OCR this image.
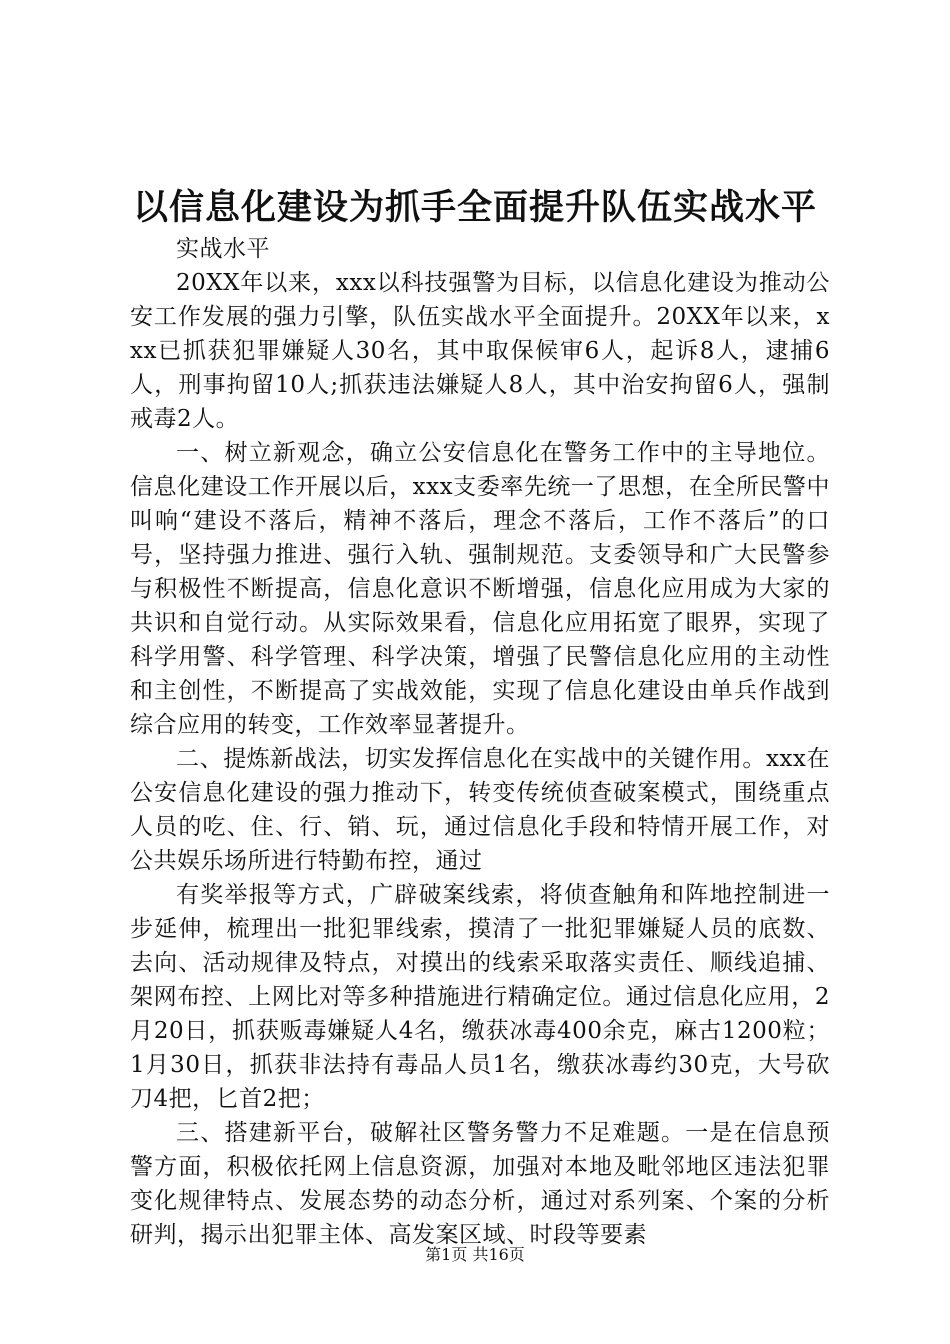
以信息化建设为抓手全面提升队伍实战水平

实战水平

20XX年以来，xxx以科技强警为目标，以信息化建设为推动公安工作发展的强力引擎，队伍实战水平全面提升。20XX年以来，xxx已抓获犯罪嫌疑人30名，其中取保候审6人，起诉8人，逮捕6人，刑事拘留10人;抓获违法嫌疑人8人，其中治安拘留6人，强制戒毒2人。

一、树立新观念，确立公安信息化在警务工作中的主导地位。信息化建设工作开展以后，xxx支委率先统一了思想，在全所民警中叫响“建设不落后，精神不落后，理念不落后，工作不落后”的口号，坚持强力推进、强行入轨、强制规范。支委领导和广大民警参与积极性不断提高，信息化意识不断增强，信息化应用成为大家的共识和自觉行动。从实际效果看，信息化应用拓宽了眼界，实现了科学用警、科学管理、科学决策，增强了民警信息化应用的主动性和主创性，不断提高了实战效能，实现了信息化建设由单兵作战到综合应用的转变，工作效率显著提升。

二、提炼新战法，切实发挥信息化在实战中的关键作用。xxx在公安信息化建设的强力推动下，转变传统侦查破案模式，围绕重点人员的吃、住、行、销、玩，通过信息化手段和特情开展工作，对公共娱乐场所进行特勤布控，通过

有奖举报等方式，广辟破案线索，将侦查触角和阵地控制进一步延伸，梳理出一批犯罪线索，摸清了一批犯罪嫌疑人员的底数、去向、活动规律及特点，对摸出的线索采取落实责任、顺线追捕、架网布控、上网比对等多种措施进行精确定位。通过信息化应用，2月20日，抓获贩毒嫌疑人4名，缴获冰毒400余克，麻古1200粒；1月30日，抓获非法持有毒品人员1名，缴获冰毒约30克，大号砍刀4把，匕首2把；

三、搭建新平台，破解社区警务警力不足难题。一是在信息预警方面，积极依托网上信息资源，加强对本地及毗邻地区违法犯罪变化规律特点、发展态势的动态分析，通过对系列案、个案的分析研判，揭示出犯罪主体、高发案区域、时段等要素

第1页 共16页
